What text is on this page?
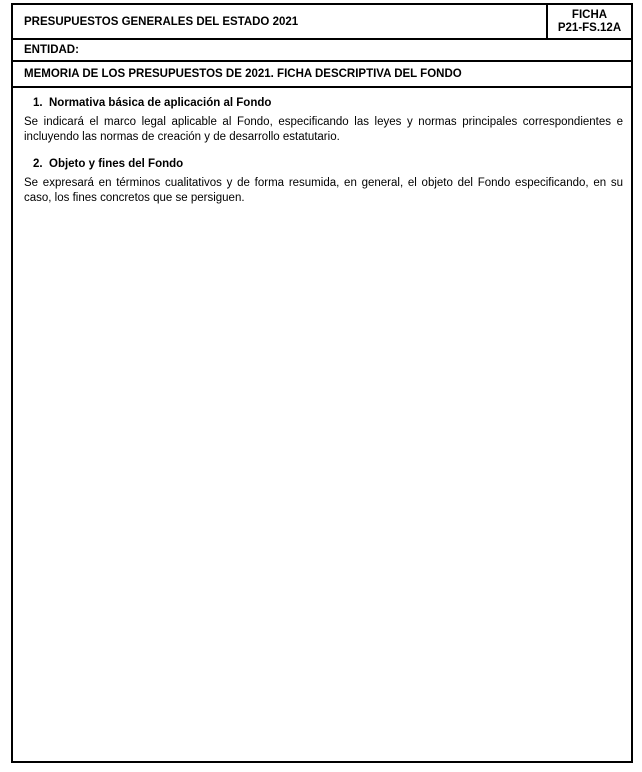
PRESUPUESTOS GENERALES DEL ESTADO 2021
FICHA
P21-FS.12A
ENTIDAD:
MEMORIA DE LOS PRESUPUESTOS DE 2021. FICHA DESCRIPTIVA DEL FONDO
1. Normativa básica de aplicación al Fondo

Se indicará el marco legal aplicable al Fondo, especificando las leyes y normas principales correspondientes e incluyendo las normas de creación y de desarrollo estatutario.

2. Objeto y fines del Fondo

Se expresará en términos cualitativos y de forma resumida, en general, el objeto del Fondo especificando, en su caso, los fines concretos que se persiguen.
